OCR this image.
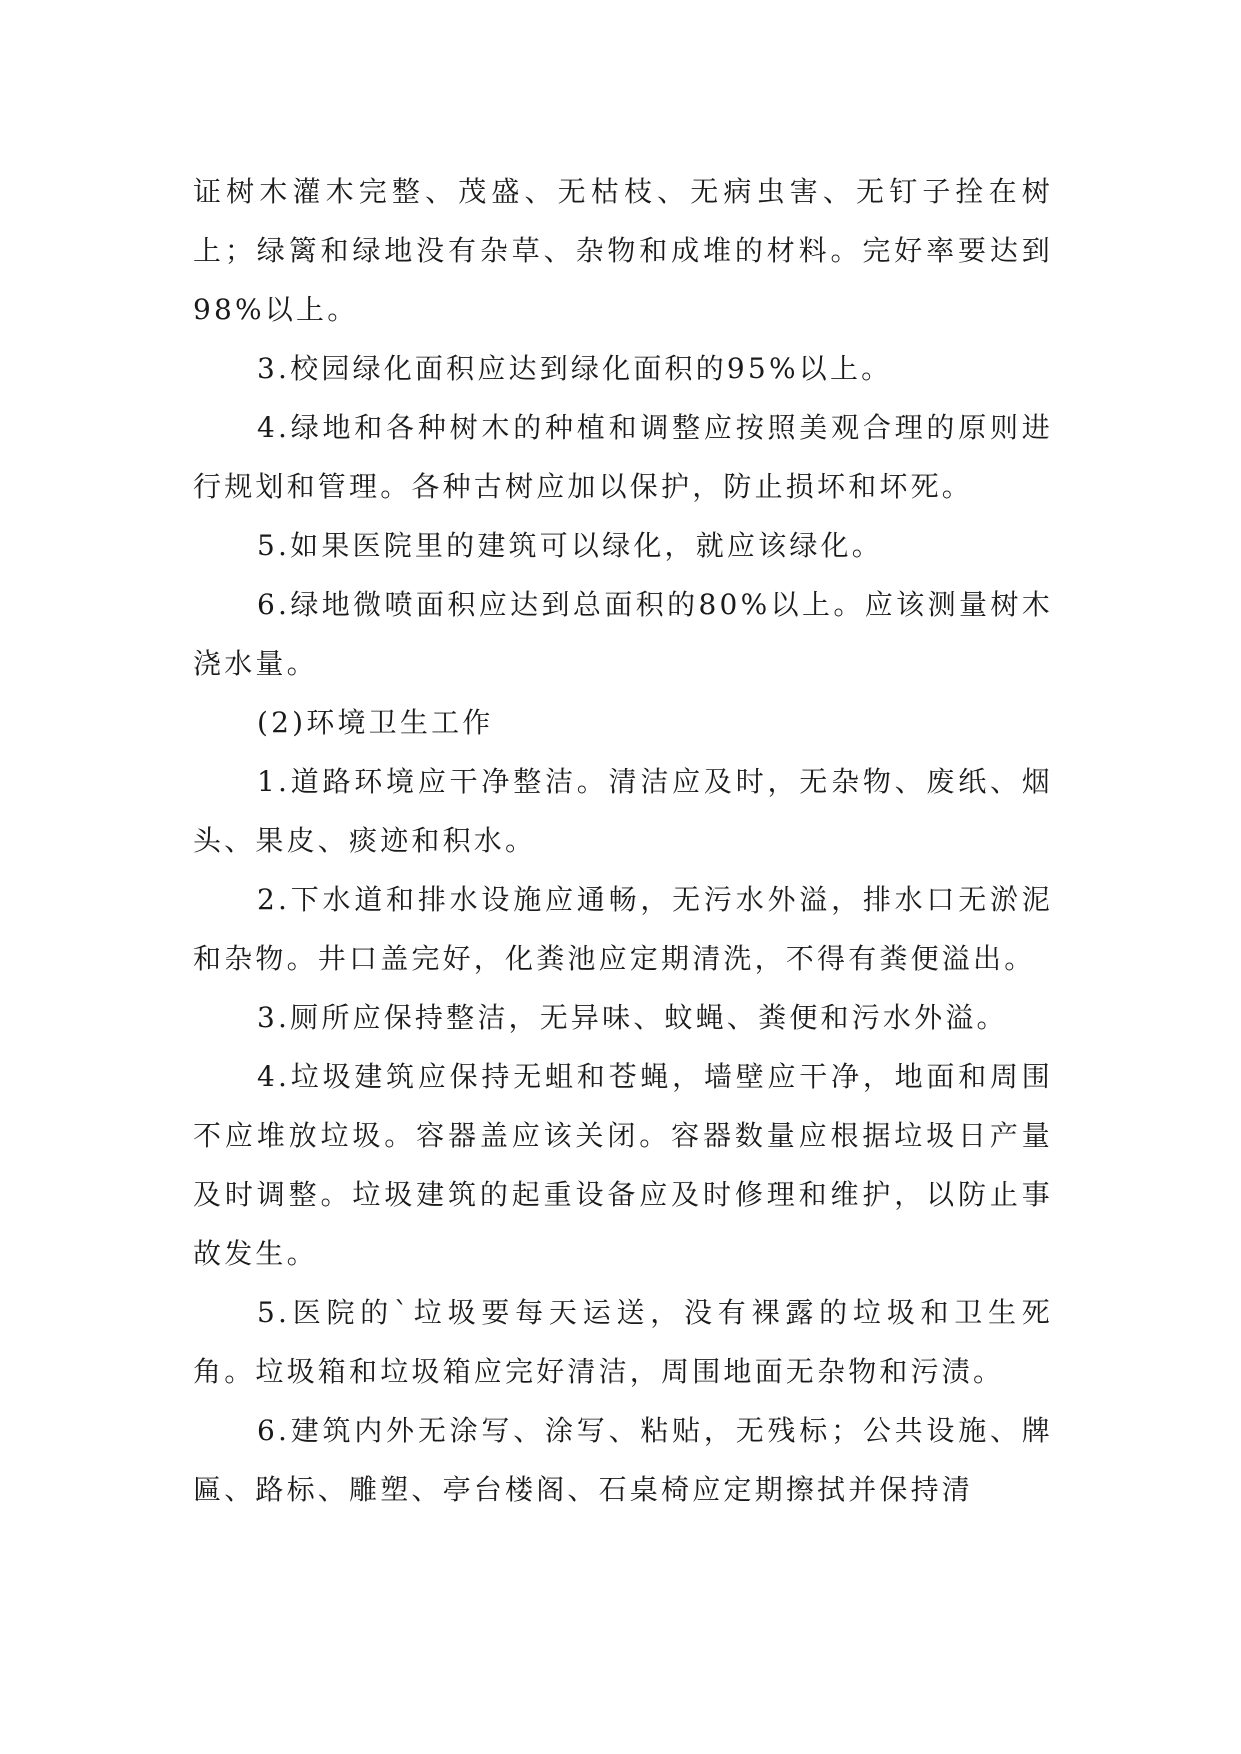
证树木灌木完整、茂盛、无枯枝、无病虫害、无钉子拴在树上；绿篱和绿地没有杂草、杂物和成堆的材料。完好率要达到98%以上。

3.校园绿化面积应达到绿化面积的95%以上。

4.绿地和各种树木的种植和调整应按照美观合理的原则进行规划和管理。各种古树应加以保护，防止损坏和坏死。

5.如果医院里的建筑可以绿化，就应该绿化。

6.绿地微喷面积应达到总面积的80%以上。应该测量树木浇水量。

(2)环境卫生工作

1.道路环境应干净整洁。清洁应及时，无杂物、废纸、烟头、果皮、痰迹和积水。

2.下水道和排水设施应通畅，无污水外溢，排水口无淤泥和杂物。井口盖完好，化粪池应定期清洗，不得有粪便溢出。

3.厕所应保持整洁，无异味、蚊蝇、粪便和污水外溢。

4.垃圾建筑应保持无蛆和苍蝇，墙壁应干净，地面和周围不应堆放垃圾。容器盖应该关闭。容器数量应根据垃圾日产量及时调整。垃圾建筑的起重设备应及时修理和维护，以防止事故发生。

5.医院的`垃圾要每天运送，没有裸露的垃圾和卫生死角。垃圾箱和垃圾箱应完好清洁，周围地面无杂物和污渍。

6.建筑内外无涂写、涂写、粘贴，无残标；公共设施、牌匾、路标、雕塑、亭台楼阁、石桌椅应定期擦拭并保持清
